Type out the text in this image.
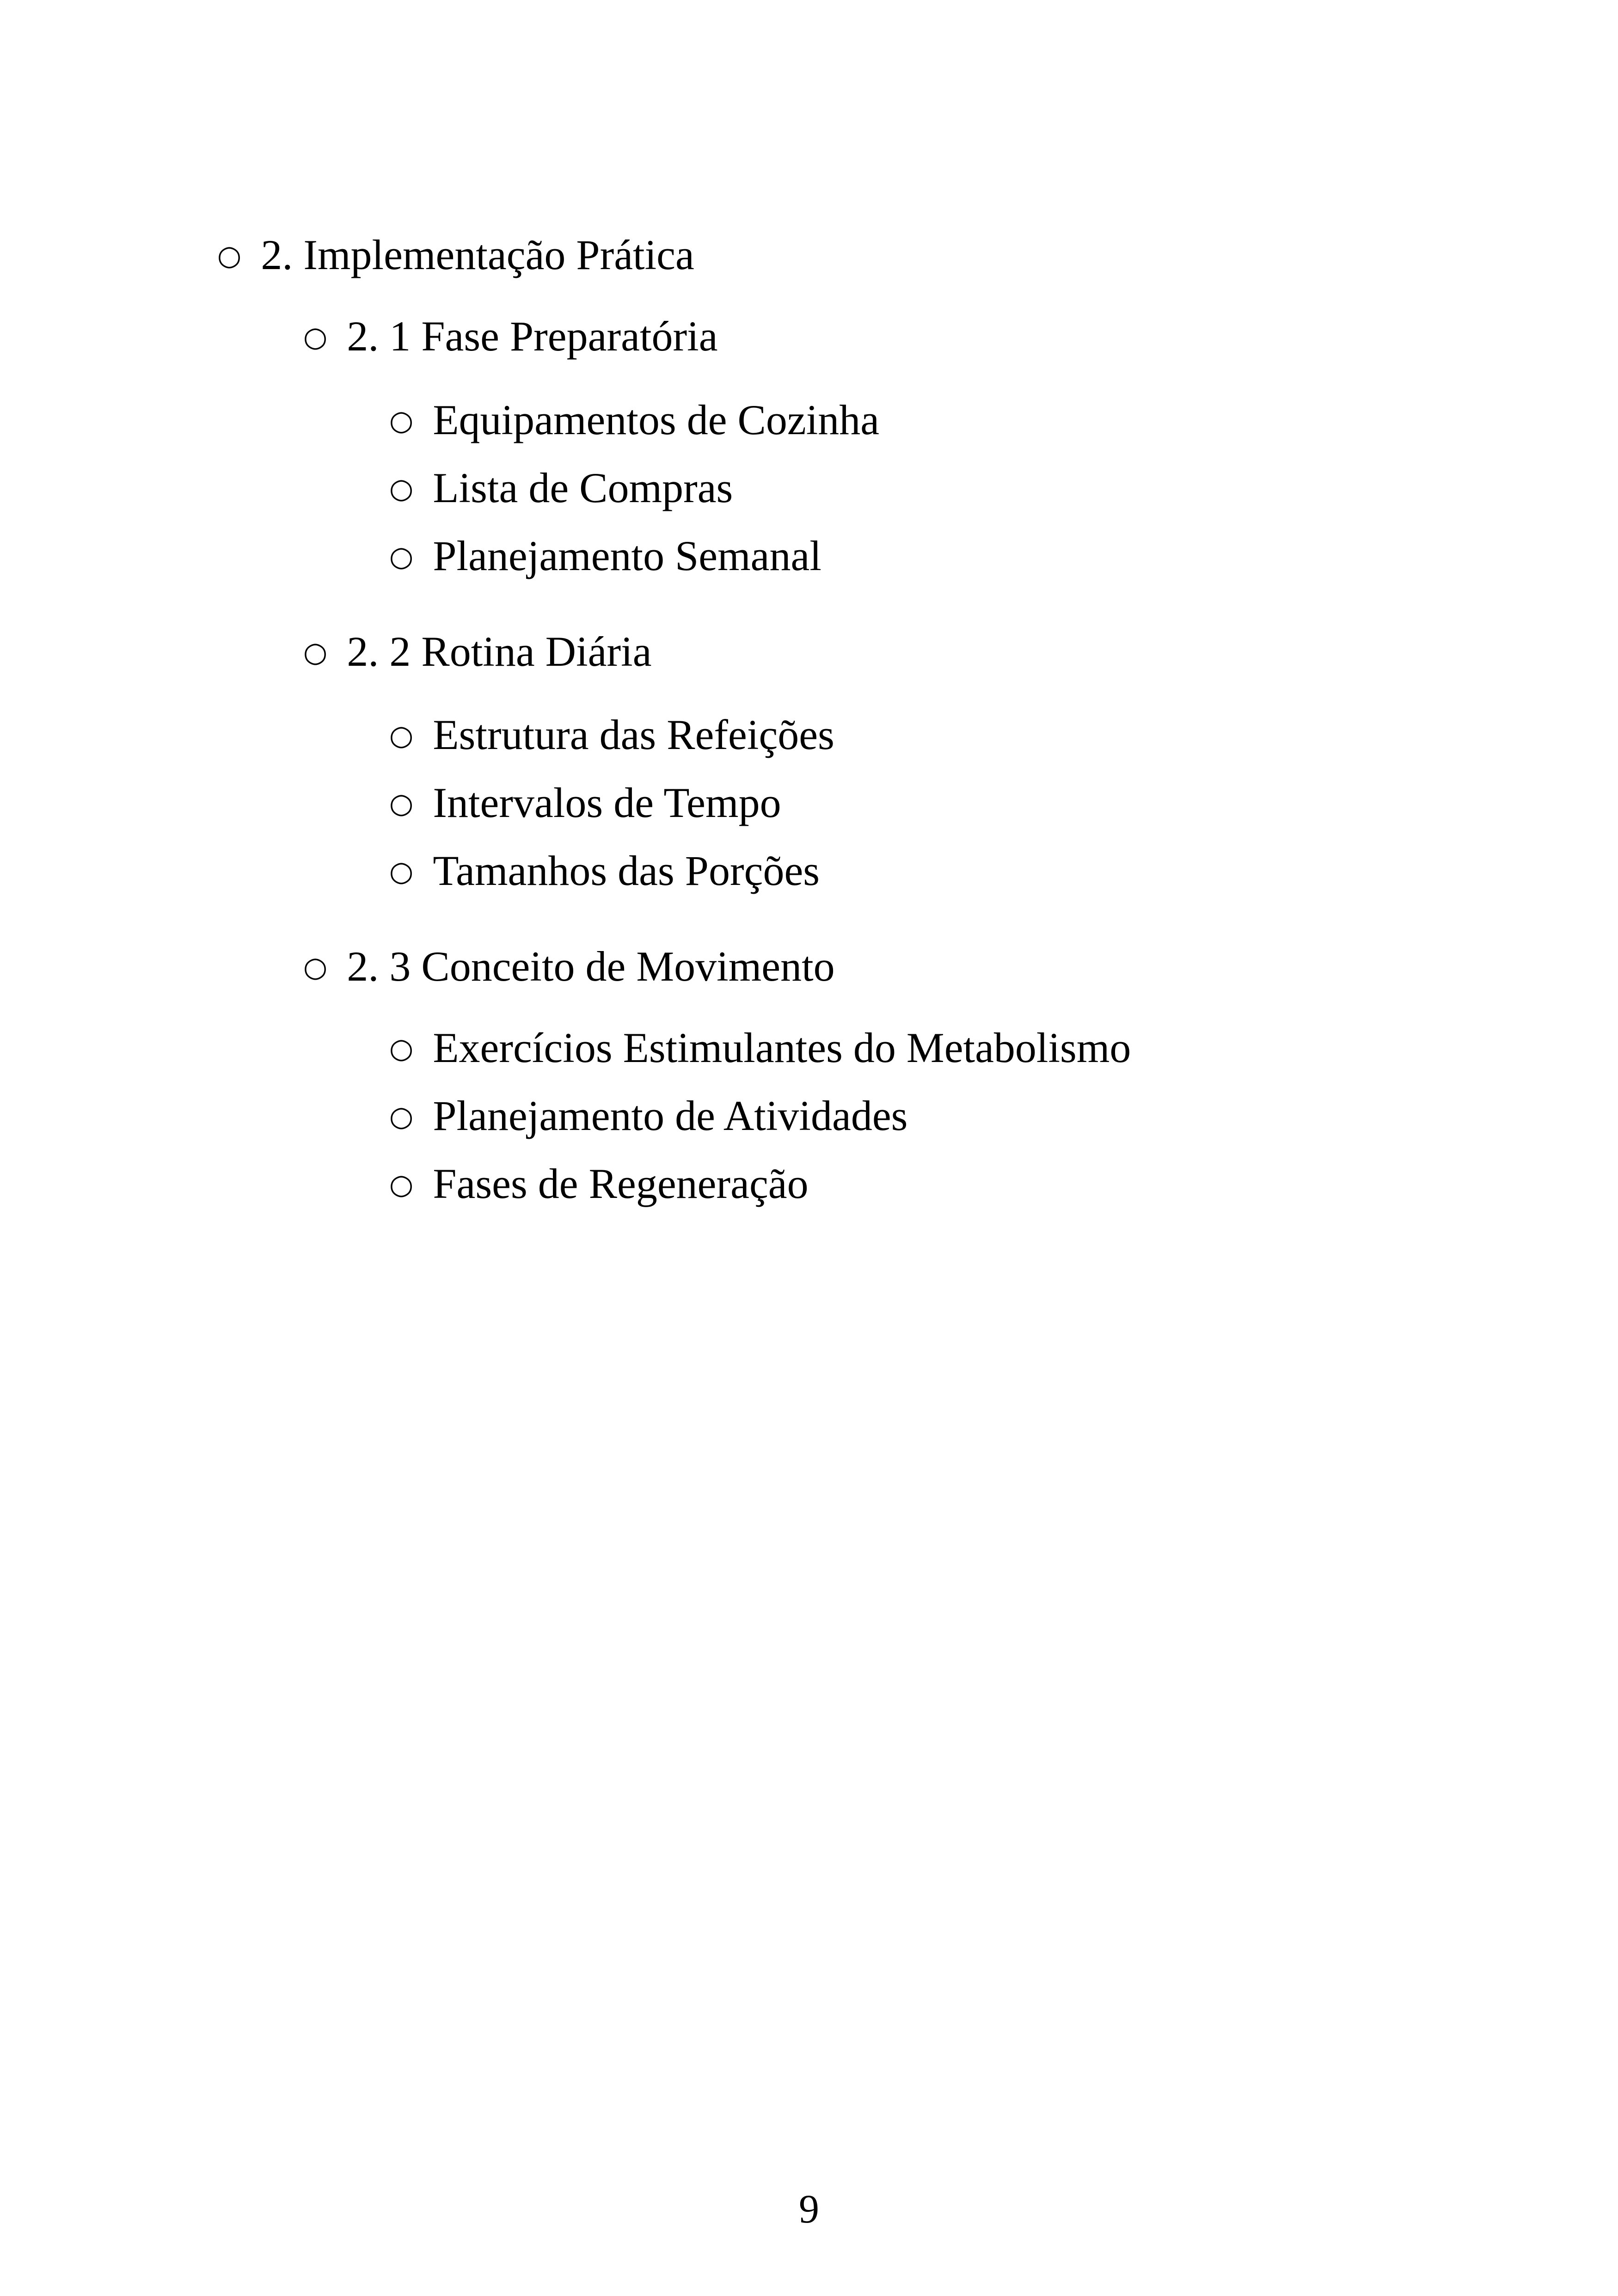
○ 2. Implementação Prática
○ 2. 1 Fase Preparatória
○ Equipamentos de Cozinha
○ Lista de Compras
○ Planejamento Semanal
○ 2. 2 Rotina Diária
○ Estrutura das Refeições
○ Intervalos de Tempo
○ Tamanhos das Porções
○ 2. 3 Conceito de Movimento
○ Exercícios Estimulantes do Metabolismo
○ Planejamento de Atividades
○ Fases de Regeneração
9
